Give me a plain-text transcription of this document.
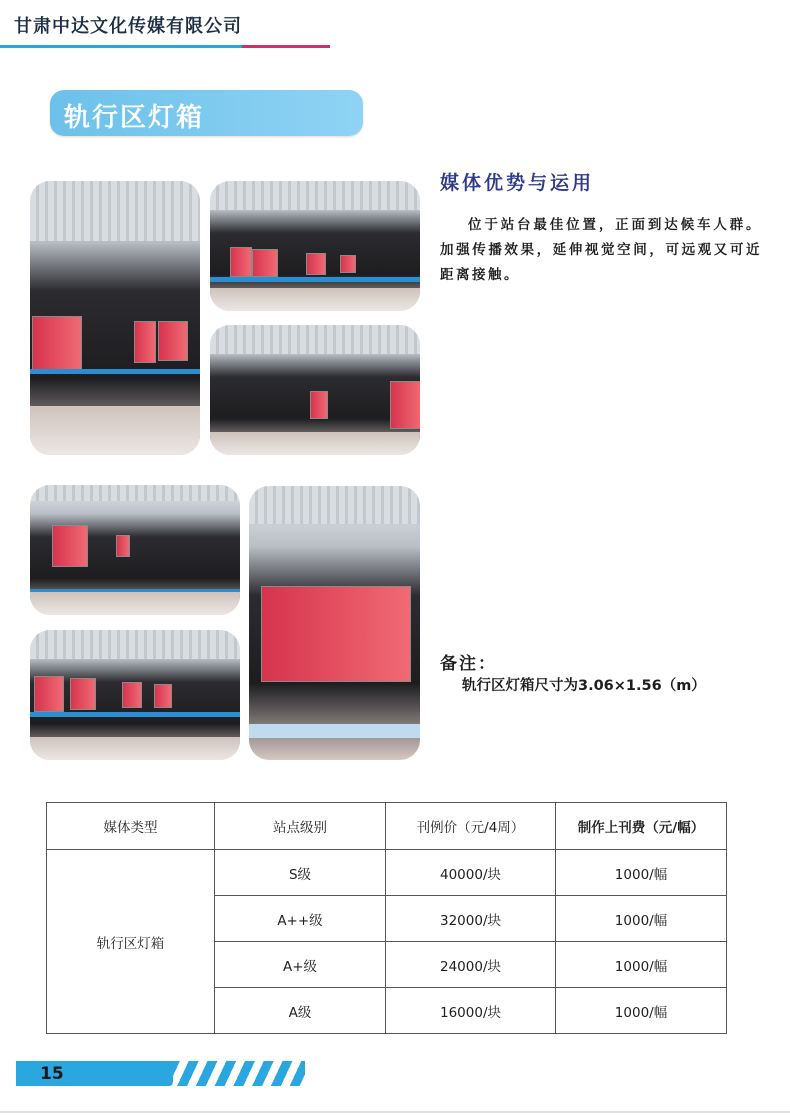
甘肃中达文化传媒有限公司
轨行区灯箱
媒体优势与运用
位于站台最佳位置，正面到达候车人群。加强传播效果，延伸视觉空间，可远观又可近距离接触。
备注：
轨行区灯箱尺寸为3.06×1.56（m）
媒体类型	站点级别	刊例价（元/4周）	制作上刊费（元/幅）
轨行区灯箱	S级	40000/块	1000/幅
	A++级	32000/块	1000/幅
	A+级	24000/块	1000/幅
	A级	16000/块	1000/幅
15
